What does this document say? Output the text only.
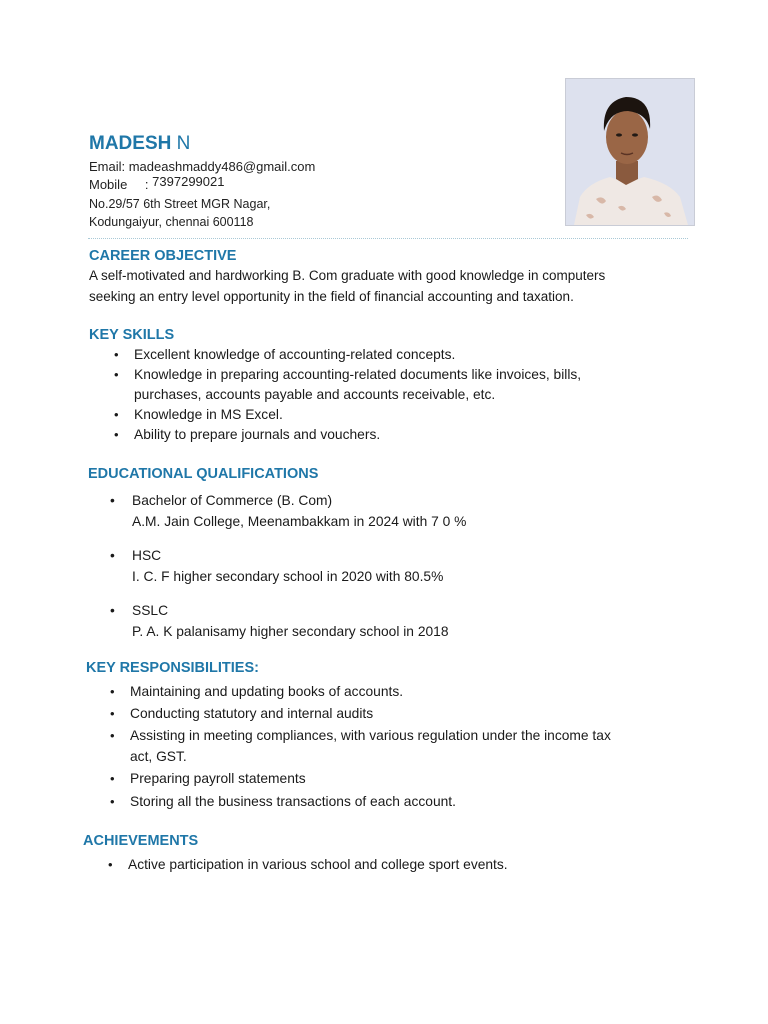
MADESH N
Email: madeashmaddy486@gmail.com
Mobile : 7397299021
No.29/57 6th Street MGR Nagar,
Kodungaiyur, chennai 600118
CAREER OBJECTIVE
A self-motivated and hardworking B. Com graduate with good knowledge in computers
seeking an entry level opportunity in the field of financial accounting and taxation.
KEY SKILLS
• Excellent knowledge of accounting-related concepts.
• Knowledge in preparing accounting-related documents like invoices, bills,
purchases, accounts payable and accounts receivable, etc.
• Knowledge in MS Excel.
• Ability to prepare journals and vouchers.
EDUCATIONAL QUALIFICATIONS
• Bachelor of Commerce (B. Com)
A.M. Jain College, Meenambakkam in 2024 with 7 0 %
• HSC
I. C. F higher secondary school in 2020 with 80.5%
• SSLC
P. A. K palanisamy higher secondary school in 2018
KEY RESPONSIBILITIES:
• Maintaining and updating books of accounts.
• Conducting statutory and internal audits
• Assisting in meeting compliances, with various regulation under the income tax
act, GST.
• Preparing payroll statements
• Storing all the business transactions of each account.
ACHIEVEMENTS
• Active participation in various school and college sport events.
